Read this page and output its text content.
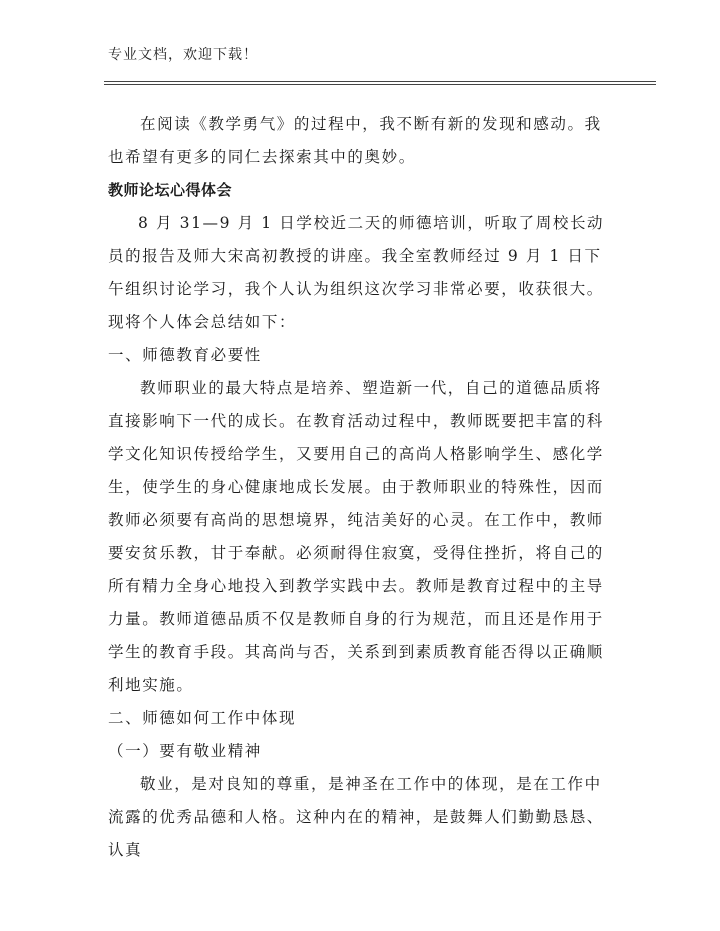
专业文档，欢迎下载！

在阅读《教学勇气》的过程中，我不断有新的发现和感动。我也希望有更多的同仁去探索其中的奥妙。

教师论坛心得体会

8 月 31—9 月 1 日学校近二天的师德培训，听取了周校长动员的报告及师大宋高初教授的讲座。我全室教师经过 9 月 1 日下午组织讨论学习，我个人认为组织这次学习非常必要，收获很大。现将个人体会总结如下：

一、师德教育必要性

教师职业的最大特点是培养、塑造新一代，自己的道德品质将直接影响下一代的成长。在教育活动过程中，教师既要把丰富的科学文化知识传授给学生，又要用自己的高尚人格影响学生、感化学生，使学生的身心健康地成长发展。由于教师职业的特殊性，因而教师必须要有高尚的思想境界，纯洁美好的心灵。在工作中，教师要安贫乐教，甘于奉献。必须耐得住寂寞，受得住挫折，将自己的所有精力全身心地投入到教学实践中去。教师是教育过程中的主导力量。教师道德品质不仅是教师自身的行为规范，而且还是作用于学生的教育手段。其高尚与否，关系到到素质教育能否得以正确顺利地实施。

二、师德如何工作中体现

（一）要有敬业精神

敬业，是对良知的尊重，是神圣在工作中的体现，是在工作中流露的优秀品德和人格。这种内在的精神，是鼓舞人们勤勤恳恳、认真
